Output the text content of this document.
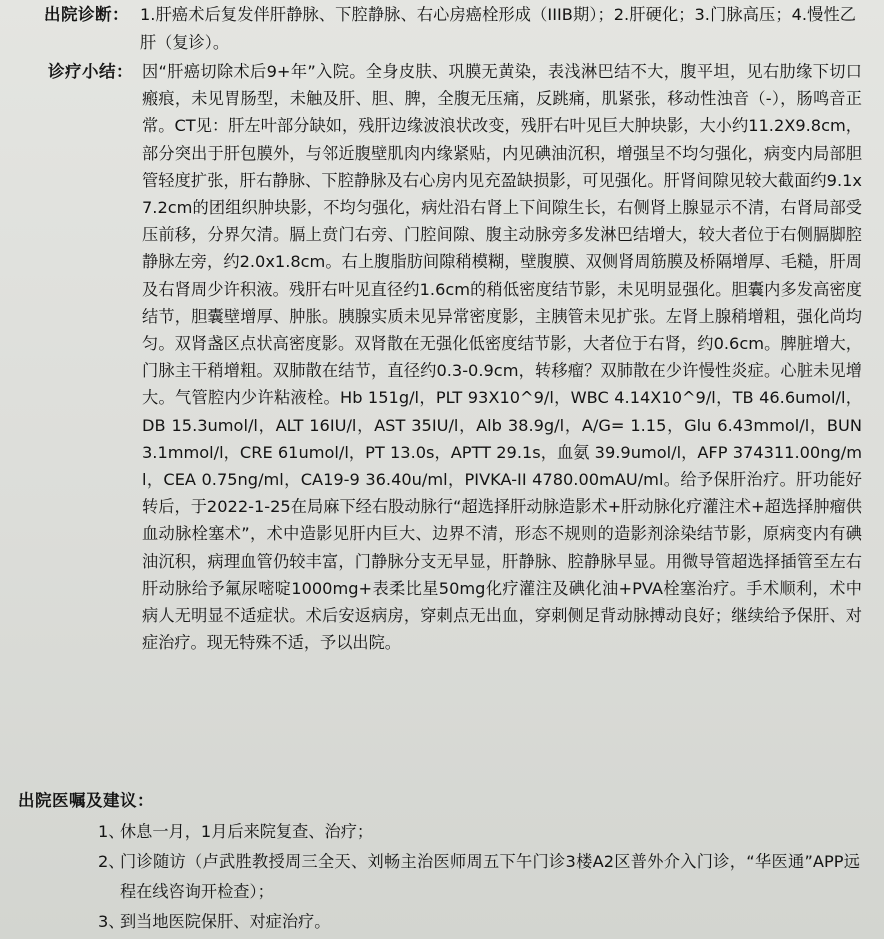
出院诊断： 1.肝癌术后复发伴肝静脉、下腔静脉、右心房癌栓形成（IIIB期）；2.肝硬化；3.门脉高压；4.慢性乙肝（复诊）。
诊疗小结： 因“肝癌切除术后9+年”入院。全身皮肤、巩膜无黄染，表浅淋巴结不大，腹平坦，见右肋缘下切口瘢痕，未见胃肠型，未触及肝、胆、脾，全腹无压痛，反跳痛，肌紧张，移动性浊音（-），肠鸣音正常。CT见：肝左叶部分缺如，残肝边缘波浪状改变，残肝右叶见巨大肿块影，大小约11.2X9.8cm，部分突出于肝包膜外，与邻近腹壁肌肉内缘紧贴，内见碘油沉积，增强呈不均匀强化，病变内局部胆管轻度扩张，肝右静脉、下腔静脉及右心房内见充盈缺损影，可见强化。肝肾间隙见较大截面约9.1x7.2cm的团组织肿块影，不均匀强化，病灶沿右肾上下间隙生长，右侧肾上腺显示不清，右肾局部受压前移，分界欠清。膈上贲门右旁、门腔间隙、腹主动脉旁多发淋巴结增大，较大者位于右侧膈脚腔静脉左旁，约2.0x1.8cm。右上腹脂肪间隙稍模糊，壁腹膜、双侧肾周筋膜及桥隔增厚、毛糙，肝周及右肾周少许积液。残肝右叶见直径约1.6cm的稍低密度结节影，未见明显强化。胆囊内多发高密度结节，胆囊壁增厚、肿胀。胰腺实质未见异常密度影，主胰管未见扩张。左肾上腺稍增粗，强化尚均匀。双肾盏区点状高密度影。双肾散在无强化低密度结节影，大者位于右肾，约0.6cm。脾脏增大，门脉主干稍增粗。双肺散在结节，直径约0.3-0.9cm，转移瘤？双肺散在少许慢性炎症。心脏未见增大。气管腔内少许粘液栓。Hb 151g/l，PLT 93X10^9/l，WBC 4.14X10^9/l，TB 46.6umol/l，DB 15.3umol/l，ALT 16IU/l，AST 35IU/l，Alb 38.9g/l，A/G= 1.15，Glu 6.43mmol/l，BUN 3.1mmol/l，CRE 61umol/l，PT 13.0s，APTT 29.1s，血氨 39.9umol/l，AFP 374311.00ng/ml，CEA 0.75ng/ml，CA19-9 36.40u/ml，PIVKA-II 4780.00mAU/ml。给予保肝治疗。肝功能好转后，于2022-1-25在局麻下经右股动脉行“超选择肝动脉造影术+肝动脉化疗灌注术+超选择肿瘤供血动脉栓塞术”，术中造影见肝内巨大、边界不清，形态不规则的造影剂涂染结节影，原病变内有碘油沉积，病理血管仍较丰富，门静脉分支无早显，肝静脉、腔静脉早显。用微导管超选择插管至左右肝动脉给予氟尿嘧啶1000mg+表柔比星50mg化疗灌注及碘化油+PVA栓塞治疗。手术顺利，术中病人无明显不适症状。术后安返病房，穿刺点无出血，穿刺侧足背动脉搏动良好；继续给予保肝、对症治疗。现无特殊不适，予以出院。
出院医嘱及建议：
1、
休息一月，1月后来院复查、治疗；
2、
门诊随访（卢武胜教授周三全天、刘畅主治医师周五下午门诊3楼A2区普外介入门诊，“华医通”APP远程在线咨询开检查）；
3、
到当地医院保肝、对症治疗。
